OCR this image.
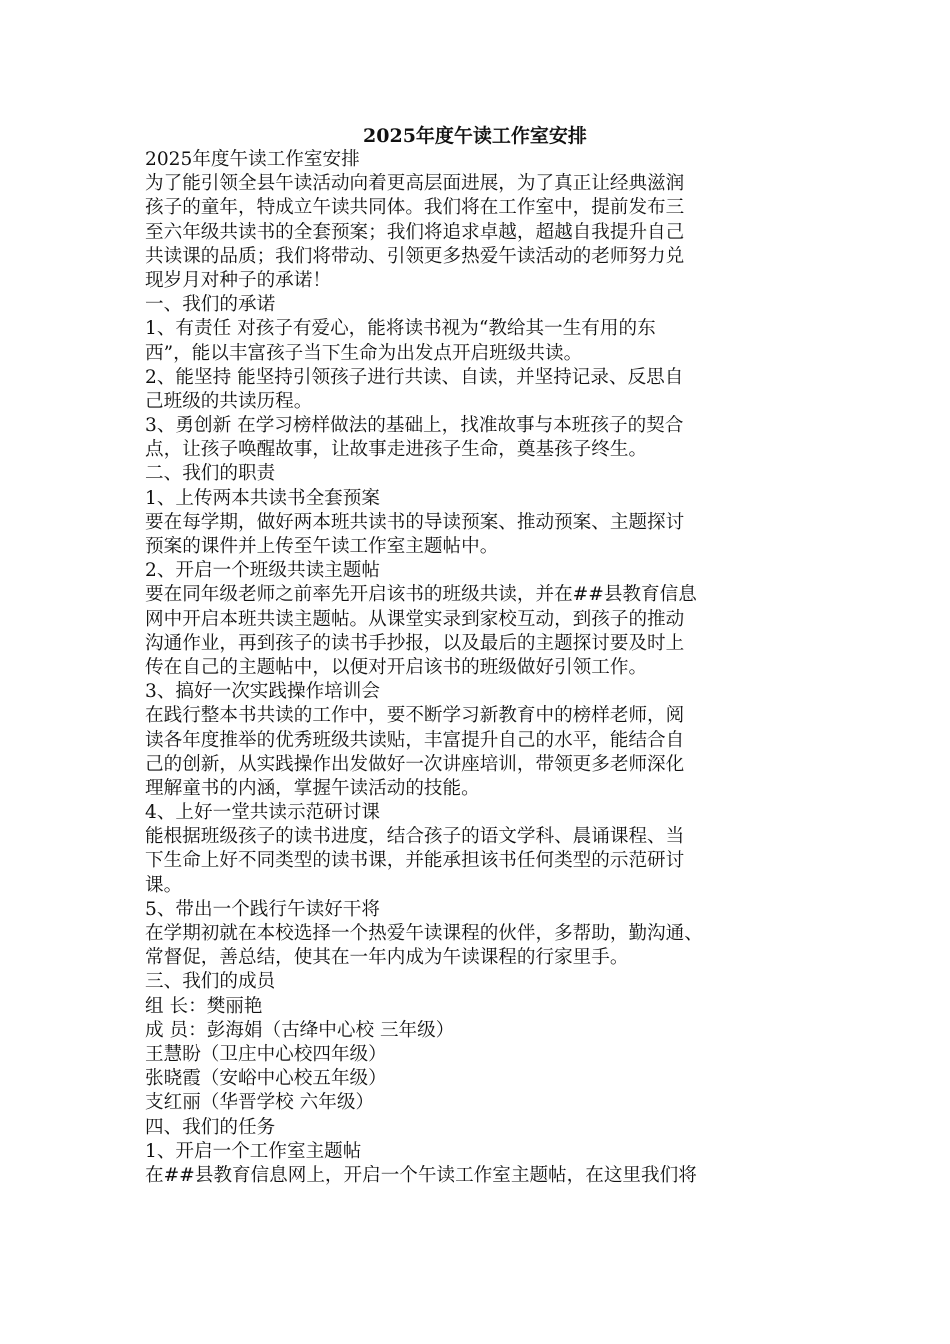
2025年度午读工作室安排
2025年度午读工作室安排
为了能引领全县午读活动向着更高层面进展，为了真正让经典滋润
孩子的童年，特成立午读共同体。我们将在工作室中，提前发布三
至六年级共读书的全套预案；我们将追求卓越，超越自我提升自己
共读课的品质；我们将带动、引领更多热爱午读活动的老师努力兑
现岁月对种子的承诺！
一、我们的承诺
1、有责任 对孩子有爱心，能将读书视为“教给其一生有用的东
西”，能以丰富孩子当下生命为出发点开启班级共读。
2、能坚持 能坚持引领孩子进行共读、自读，并坚持记录、反思自
己班级的共读历程。
3、勇创新 在学习榜样做法的基础上，找准故事与本班孩子的契合
点，让孩子唤醒故事，让故事走进孩子生命，奠基孩子终生。
二、我们的职责
1、上传两本共读书全套预案
要在每学期，做好两本班共读书的导读预案、推动预案、主题探讨
预案的课件并上传至午读工作室主题帖中。
2、开启一个班级共读主题帖
要在同年级老师之前率先开启该书的班级共读，并在##县教育信息
网中开启本班共读主题帖。从课堂实录到家校互动，到孩子的推动
沟通作业，再到孩子的读书手抄报，以及最后的主题探讨要及时上
传在自己的主题帖中，以便对开启该书的班级做好引领工作。
3、搞好一次实践操作培训会
在践行整本书共读的工作中，要不断学习新教育中的榜样老师，阅
读各年度推举的优秀班级共读贴，丰富提升自己的水平，能结合自
己的创新，从实践操作出发做好一次讲座培训，带领更多老师深化
理解童书的内涵，掌握午读活动的技能。
4、上好一堂共读示范研讨课
能根据班级孩子的读书进度，结合孩子的语文学科、晨诵课程、当
下生命上好不同类型的读书课，并能承担该书任何类型的示范研讨
课。
5、带出一个践行午读好干将
在学期初就在本校选择一个热爱午读课程的伙伴，多帮助，勤沟通、
常督促，善总结，使其在一年内成为午读课程的行家里手。
三、我们的成员
组 长：樊丽艳
成 员：彭海娟（古绛中心校 三年级）
王慧盼（卫庄中心校四年级）
张晓霞（安峪中心校五年级）
支红丽（华晋学校 六年级）
四、我们的任务
1、开启一个工作室主题帖
在##县教育信息网上，开启一个午读工作室主题帖，在这里我们将
